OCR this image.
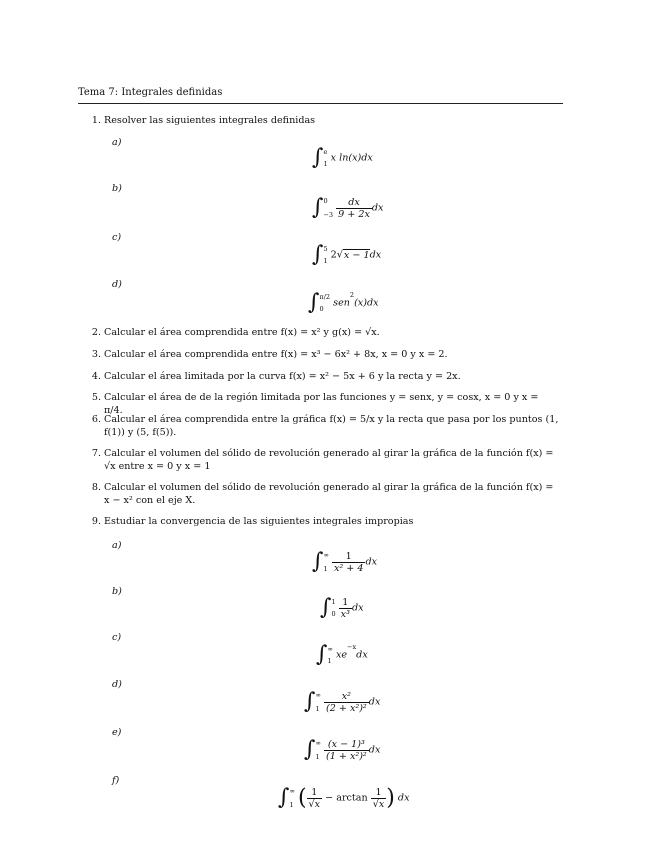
Tema 7: Integrales definidas
1. Resolver las siguientes integrales definidas
a)
∫ e
1
x ln(x)dx
b)
∫ 0
−3
$\frac{dx}{9 + 2x}$ dx
c)
∫ 5
1
2√x − 1dx
d)
∫ π/2
0
sen$^2$(x)dx
2. Calcular el área comprendida entre f(x) = x² y g(x) = √x.
3. Calcular el área comprendida entre f(x) = x³ − 6x² + 8x, x = 0 y x = 2.
4. Calcular el área limitada por la curva f(x) = x² − 5x + 6 y la recta y = 2x.
5. Calcular el área de de la región limitada por las funciones y = senx, y = cosx, x = 0 y x = π/4.
6. Calcular el área comprendida entre la gráfica f(x) = 5/x y la recta que pasa por los puntos (1, f(1)) y (5, f(5)).
7. Calcular el volumen del sólido de revolución generado al girar la gráfica de la función f(x) = √x entre x = 0 y x = 1
8. Calcular el volumen del sólido de revolución generado al girar la gráfica de la función f(x) = x − x² con el eje X.
9. Estudiar la convergencia de las siguientes integrales impropias
a)
∫ ∞
1
$\frac{1}{\text{x² + 4}}$ dx
b)
∫ 1
0
$\frac{1}{\text{x³}}$ dx
c)
∫ ∞
1
$xe^{-x}dx$
d)
∫ ∞
1
$\frac{\text{x²}}{\text{(2 + x²)²}}$ dx
e)
∫ ∞
1
$\frac{\text{(x − 1)³}}{\text{(1 + x²)²}}$ dx
f)
∫ ∞
1 ( $\frac{1}{√x} - \arctan \frac{1}{√x}$ ) dx
